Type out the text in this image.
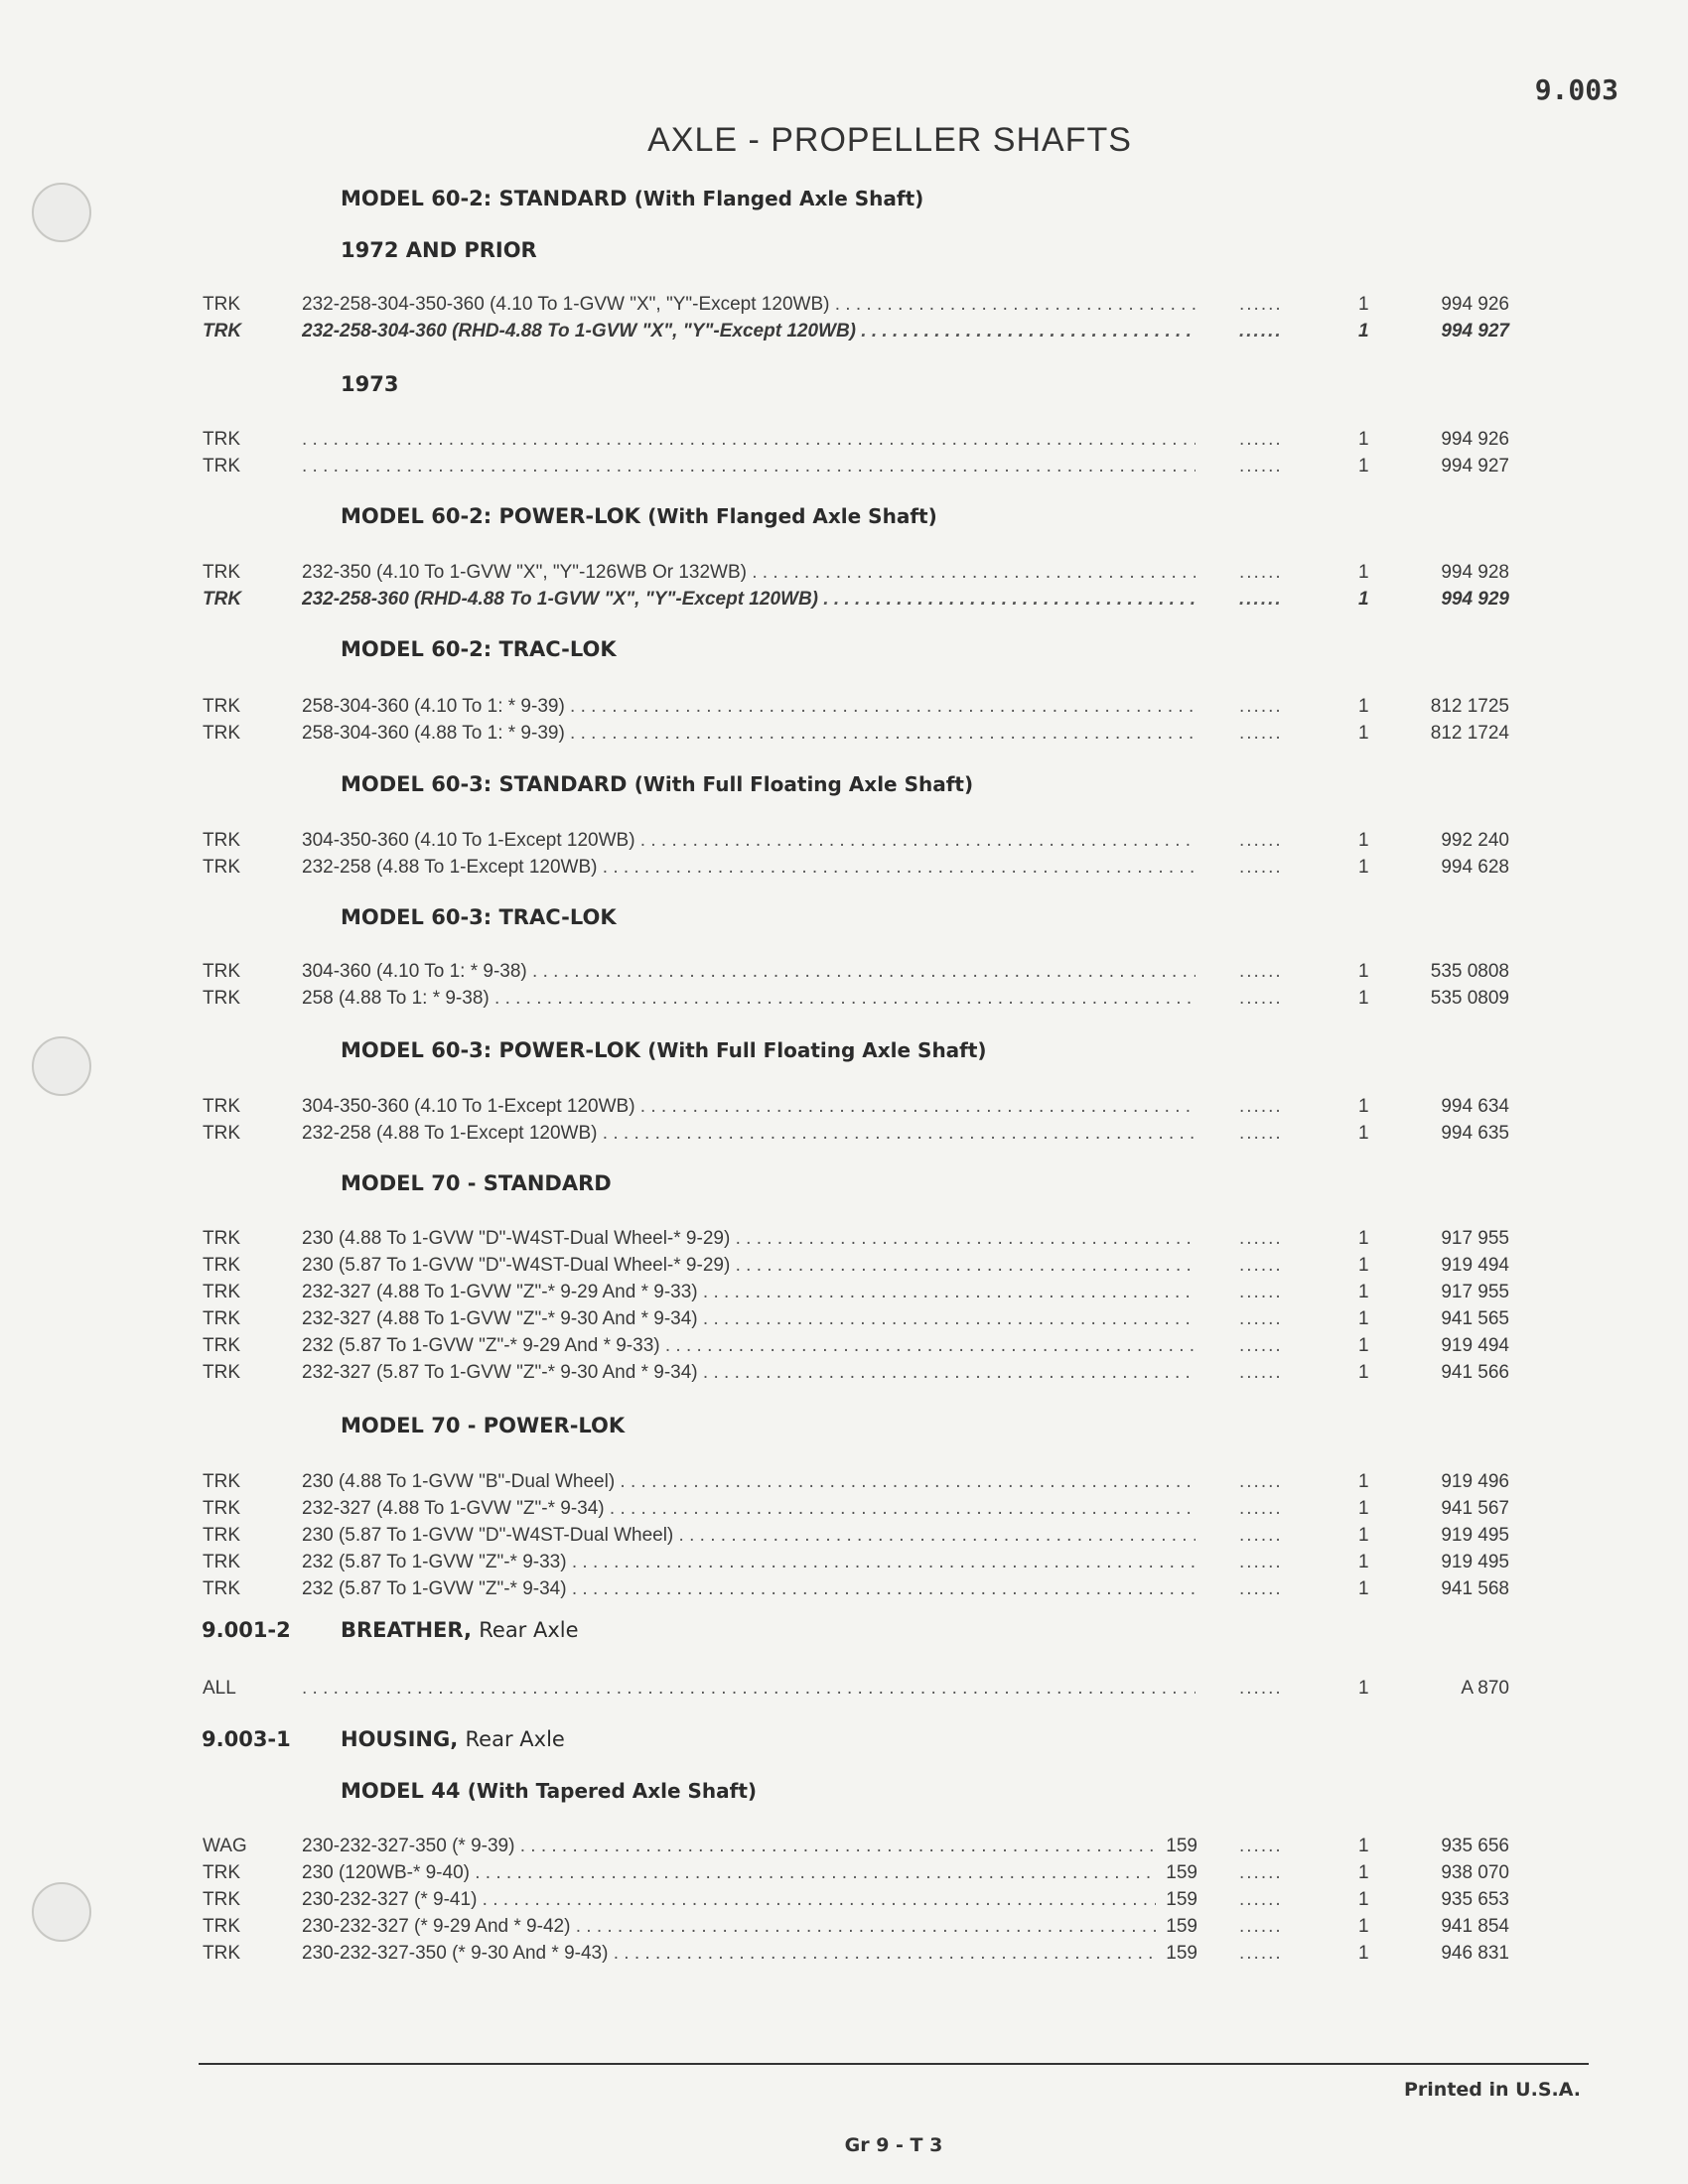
9.003
AXLE - PROPELLER SHAFTS
MODEL 60-2: STANDARD (With Flanged Axle Shaft)
1972 AND PRIOR
TRK	232-258-304-350-360 (4.10 To 1-GVW "X", "Y"-Except 120WB) . . .	......	1	994 926
TRK	232-258-304-360 (RHD-4.88 To 1-GVW "X", "Y"-Except 120WB) . . .	......	1	994 927
1973
TRK . . .	......	1	994 926
TRK . . .	......	1	994 927
MODEL 60-2: POWER-LOK (With Flanged Axle Shaft)
TRK	232-350 (4.10 To 1-GVW "X", "Y"-126WB Or 132WB) . . .	......	1	994 928
TRK	232-258-360 (RHD-4.88 To 1-GVW "X", "Y"-Except 120WB) . . .	......	1	994 929
MODEL 60-2: TRAC-LOK
TRK	258-304-360 (4.10 To 1: * 9-39) . . .	......	1	812 1725
TRK	258-304-360 (4.88 To 1: * 9-39) . . .	......	1	812 1724
MODEL 60-3: STANDARD (With Full Floating Axle Shaft)
TRK	304-350-360 (4.10 To 1-Except 120WB) . . .	......	1	992 240
TRK	232-258 (4.88 To 1-Except 120WB) . . .	......	1	994 628
MODEL 60-3: TRAC-LOK
TRK	304-360 (4.10 To 1: * 9-38) . . .	......	1	535 0808
TRK	258 (4.88 To 1: * 9-38) . . .	......	1	535 0809
MODEL 60-3: POWER-LOK (With Full Floating Axle Shaft)
TRK	304-350-360 (4.10 To 1-Except 120WB) . . .	......	1	994 634
TRK	232-258 (4.88 To 1-Except 120WB) . . .	......	1	994 635
MODEL 70 - STANDARD
TRK	230 (4.88 To 1-GVW "D"-W4ST-Dual Wheel-* 9-29) . . .	......	1	917 955
TRK	230 (5.87 To 1-GVW "D"-W4ST-Dual Wheel-* 9-29) . . .	......	1	919 494
TRK	232-327 (4.88 To 1-GVW "Z"-* 9-29 And * 9-33) . . .	......	1	917 955
TRK	232-327 (4.88 To 1-GVW "Z"-* 9-30 And * 9-34) . . .	......	1	941 565
TRK	232 (5.87 To 1-GVW "Z"-* 9-29 And * 9-33) . . .	......	1	919 494
TRK	232-327 (5.87 To 1-GVW "Z"-* 9-30 And * 9-34) . . .	......	1	941 566
MODEL 70 - POWER-LOK
TRK	230 (4.88 To 1-GVW "B"-Dual Wheel) . . .	......	1	919 496
TRK	232-327 (4.88 To 1-GVW "Z"-* 9-34) . . .	......	1	941 567
TRK	230 (5.87 To 1-GVW "D"-W4ST-Dual Wheel) . . .	......	1	919 495
TRK	232 (5.87 To 1-GVW "Z"-* 9-33) . . .	......	1	919 495
TRK	232 (5.87 To 1-GVW "Z"-* 9-34) . . .	......	1	941 568
9.001-2 BREATHER, Rear Axle
ALL . . .	......	1	A 870
9.003-1 HOUSING, Rear Axle
MODEL 44 (With Tapered Axle Shaft)
WAG	230-232-327-350 (* 9-39) . . .	159 ......	1	935 656
TRK	230 (120WB-* 9-40) . . .	159 ......	1	938 070
TRK	230-232-327 (* 9-41) . . .	159 ......	1	935 653
TRK	230-232-327 (* 9-29 And * 9-42) . . .	159 ......	1	941 854
TRK	230-232-327-350 (* 9-30 And * 9-43) . . .	159 ......	1	946 831
Printed in U.S.A.
Gr 9 - T 3
